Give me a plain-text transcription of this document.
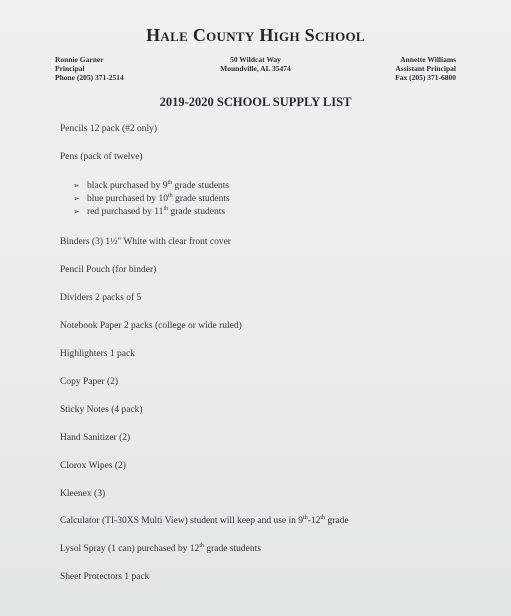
Hale County High School
Ronnie Garner
Principal
Phone (205) 371-2514
50 Wildcat Way
Moundville, AL 35474
Annette Williams
Assistant Principal
Fax (205) 371-6800
2019-2020 SCHOOL SUPPLY LIST
Pencils 12 pack (#2 only)
Pens (pack of twelve)
➢ black purchased by 9th grade students
➢ blue purchased by 10th grade students
➢ red purchased by 11th grade students
Binders (3) 1½" White with clear front cover
Pencil Pouch (for binder)
Dividers 2 packs of 5
Notebook Paper 2 packs (college or wide ruled)
Highlighters 1 pack
Copy Paper (2)
Sticky Notes (4 pack)
Hand Sanitizer (2)
Clorox Wipes (2)
Kleenex (3)
Calculator (TI-30XS Multi View) student will keep and use in 9th-12th grade
Lysol Spray (1 can) purchased by 12th grade students
Sheet Protectors 1 pack
